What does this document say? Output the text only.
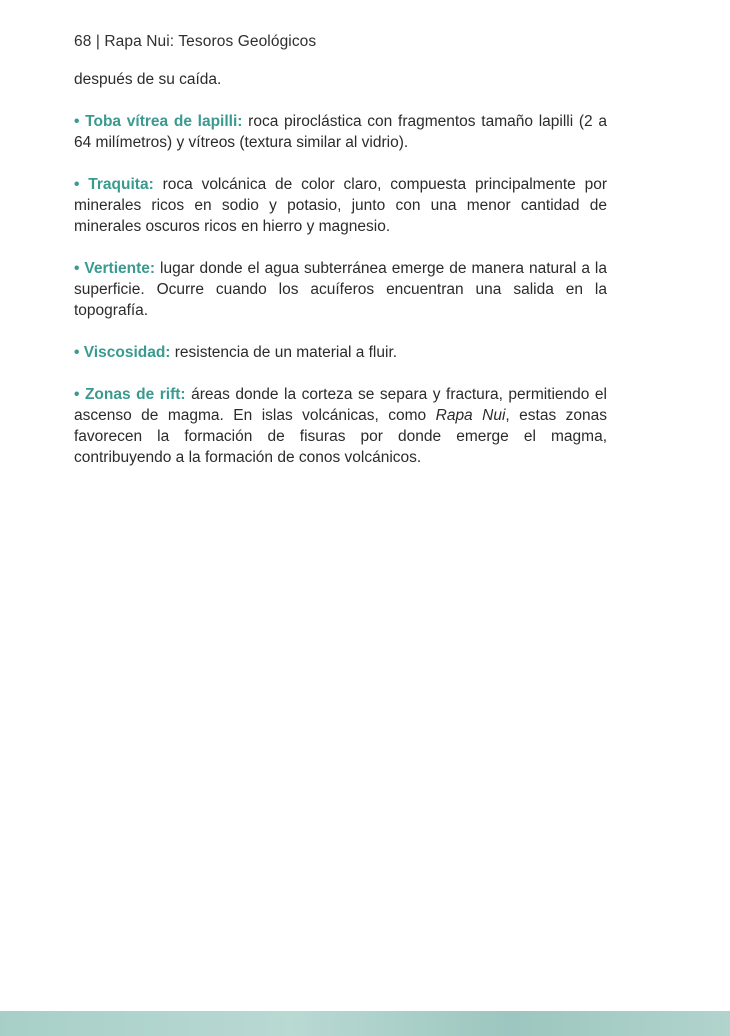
68 | Rapa Nui: Tesoros Geológicos

después de su caída.

• Toba vítrea de lapilli: roca piroclástica con fragmentos tamaño lapilli (2 a 64 milímetros) y vítreos (textura similar al vidrio).

• Traquita: roca volcánica de color claro, compuesta principalmente por minerales ricos en sodio y potasio, junto con una menor cantidad de minerales oscuros ricos en hierro y magnesio.

• Vertiente: lugar donde el agua subterránea emerge de manera natural a la superficie. Ocurre cuando los acuíferos encuentran una salida en la topografía.

• Viscosidad: resistencia de un material a fluir.

• Zonas de rift: áreas donde la corteza se separa y fractura, permitiendo el ascenso de magma. En islas volcánicas, como Rapa Nui, estas zonas favorecen la formación de fisuras por donde emerge el magma, contribuyendo a la formación de conos volcánicos.
